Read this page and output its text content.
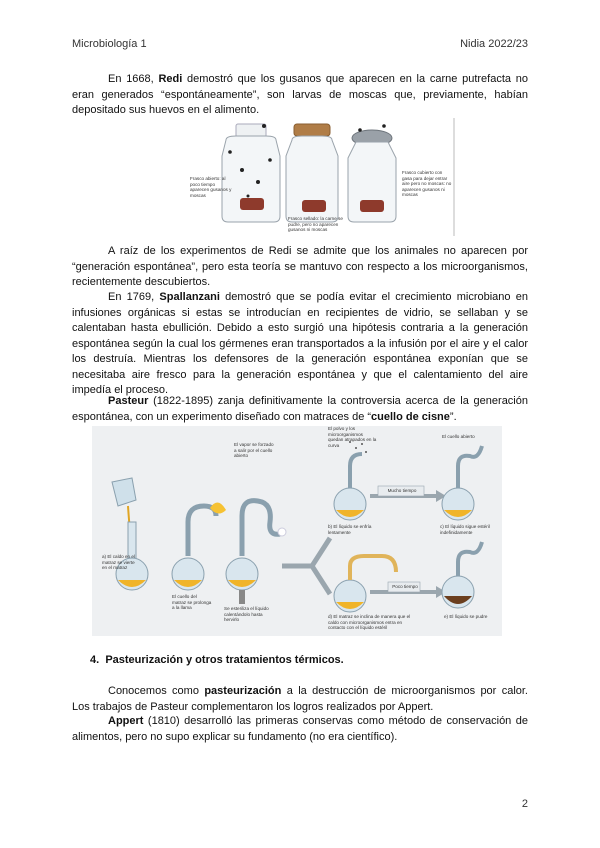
Microbiología 1	Nidia 2022/23
En 1668, Redi demostró que los gusanos que aparecen en la carne putrefacta no eran generados “espontáneamente”, son larvas de moscas que, previamente, habían depositado sus huevos en el alimento.
Frasco abierto: al poco tiempo aparecen gusanos y moscas
Frasco sellado: la carne se pudre, pero no aparecen gusanos ni moscas
Frasco cubierto con gasa para dejar entrar aire pero no moscas: no aparecen gusanos ni moscas
A raíz de los experimentos de Redi se admite que los animales no aparecen por “generación espontánea”, pero esta teoría se mantuvo con respecto a los microorganismos, recientemente descubiertos.
En 1769, Spallanzani demostró que se podía evitar el crecimiento microbiano en infusiones orgánicas si estas se introducían en recipientes de vidrio, se sellaban y se calentaban hasta ebullición. Debido a esto surgió una hipótesis contraria a la generación espontánea según la cual los gérmenes eran transportados a la infusión por el aire y el calor los destruía. Mientras los defensores de la generación espontánea exponían que se necesitaba aire fresco para la generación espontánea y que el calentamiento del aire impedía el proceso.
Pasteur (1822-1895) zanja definitivamente la controversia acerca de la generación espontánea, con un experimento diseñado con matraces de “cuello de cisne”.
a) El caldo en el matraz se vierte en el matraz
El cuello del matraz se prolonga a la llama	Se esteriliza el líquido calentándolo hasta hervirlo
El vapor se forzado a salir por el cuello abierto
El polvo y los microorganismos quedan atrapados en la curva
El cuello abierto
Mucho tiempo
b) El líquido se enfría lentamente
c) El líquido sigue estéril indefinidamente
Poco tiempo
d) El matraz se inclina de manera que el caldo con microorganismos entra en contacto con el líquido estéril
e) El líquido se pudre
4. Pasteurización y otros tratamientos térmicos.
Conocemos como pasteurización a la destrucción de microorganismos por calor. Los trabajos de Pasteur complementaron los logros realizados por Appert.
Appert (1810) desarrolló las primeras conservas como método de conservación de alimentos, pero no supo explicar su fundamento (no era científico).
2
